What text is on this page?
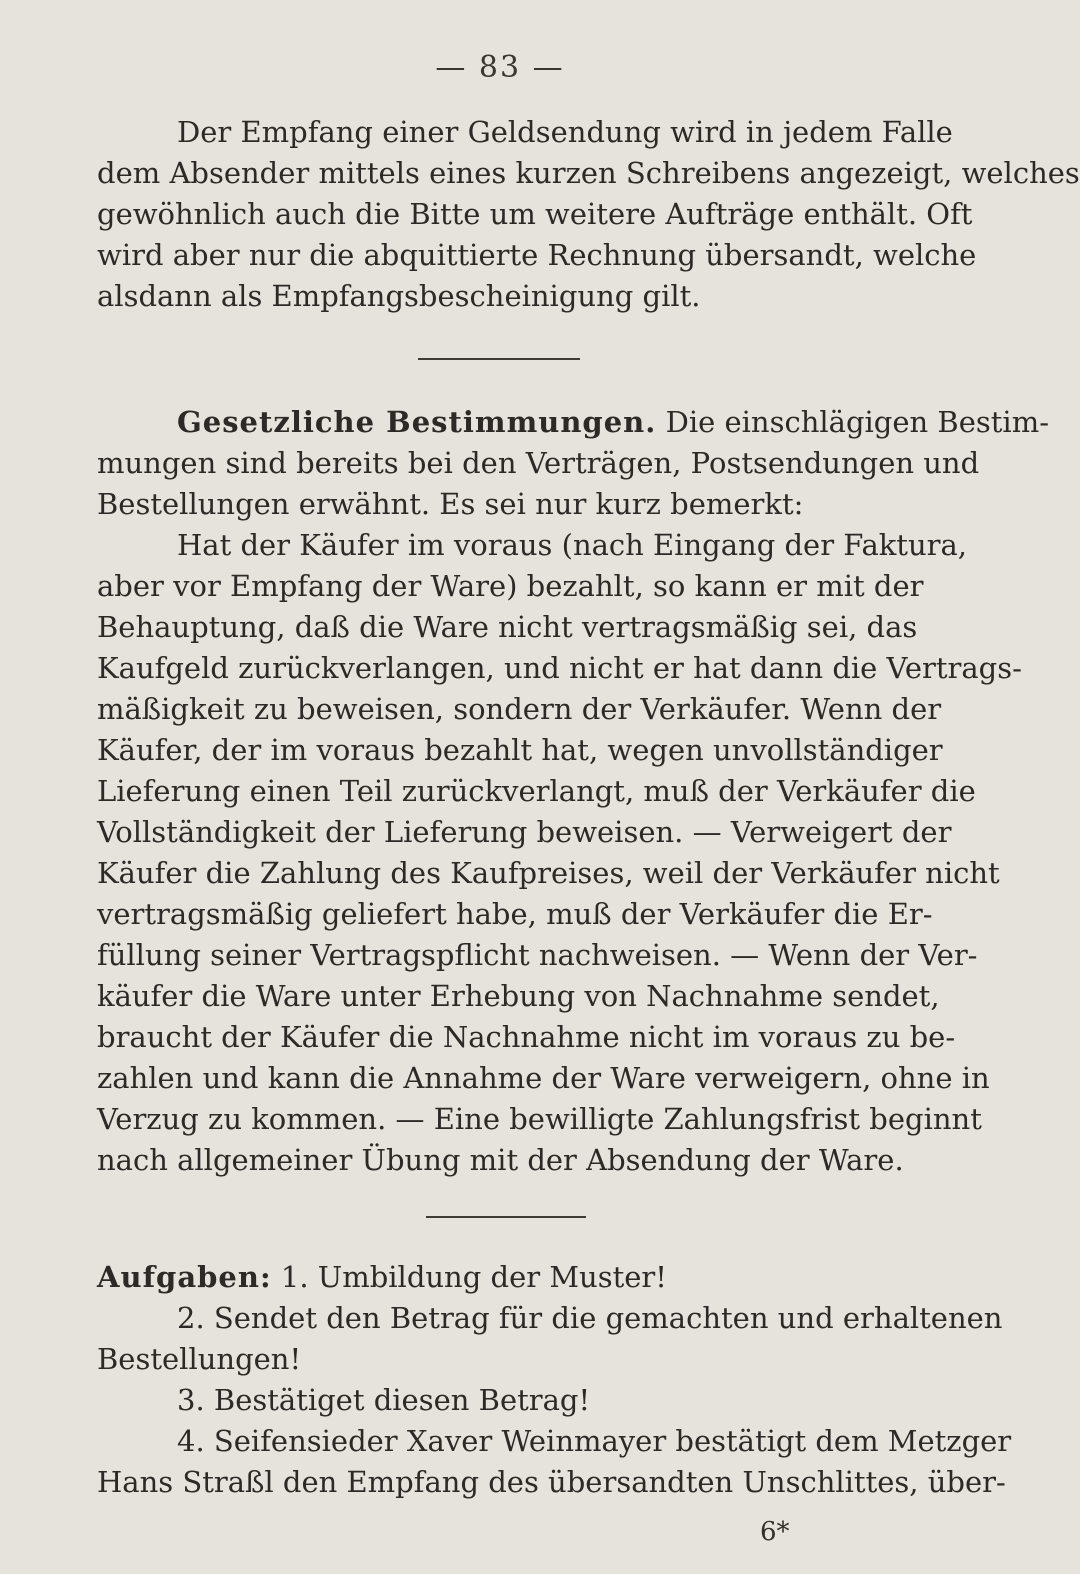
— 83 —
Der Empfang einer Geldsendung wird in jedem Falle
dem Absender mittels eines kurzen Schreibens angezeigt, welches
gewöhnlich auch die Bitte um weitere Aufträge enthält. Oft
wird aber nur die abquittierte Rechnung übersandt, welche
alsdann als Empfangsbescheinigung gilt.
Gesetzliche Bestimmungen. Die einschlägigen Bestim-
mungen sind bereits bei den Verträgen, Postsendungen und
Bestellungen erwähnt. Es sei nur kurz bemerkt:
Hat der Käufer im voraus (nach Eingang der Faktura,
aber vor Empfang der Ware) bezahlt, so kann er mit der
Behauptung, daß die Ware nicht vertragsmäßig sei, das
Kaufgeld zurückverlangen, und nicht er hat dann die Vertrags-
mäßigkeit zu beweisen, sondern der Verkäufer. Wenn der
Käufer, der im voraus bezahlt hat, wegen unvollständiger
Lieferung einen Teil zurückverlangt, muß der Verkäufer die
Vollständigkeit der Lieferung beweisen. — Verweigert der
Käufer die Zahlung des Kaufpreises, weil der Verkäufer nicht
vertragsmäßig geliefert habe, muß der Verkäufer die Er-
füllung seiner Vertragspflicht nachweisen. — Wenn der Ver-
käufer die Ware unter Erhebung von Nachnahme sendet,
braucht der Käufer die Nachnahme nicht im voraus zu be-
zahlen und kann die Annahme der Ware verweigern, ohne in
Verzug zu kommen. — Eine bewilligte Zahlungsfrist beginnt
nach allgemeiner Übung mit der Absendung der Ware.
Aufgaben: 1. Umbildung der Muster!
2. Sendet den Betrag für die gemachten und erhaltenen
Bestellungen!
3. Bestätiget diesen Betrag!
4. Seifensieder Xaver Weinmayer bestätigt dem Metzger
Hans Straßl den Empfang des übersandten Unschlittes, über-
6*
